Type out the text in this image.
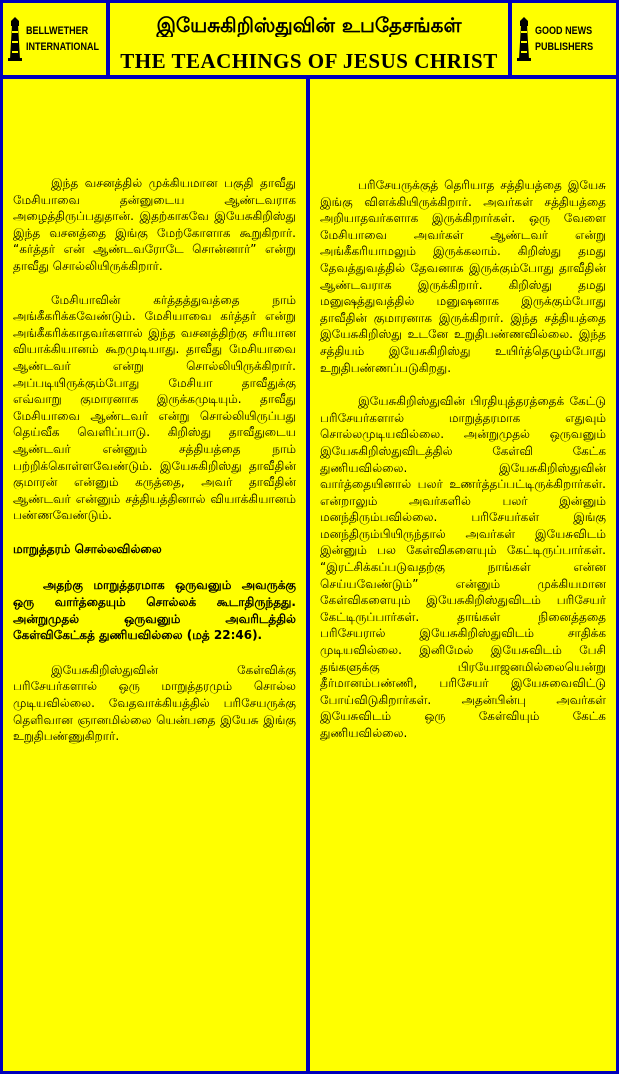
BELLWETHER
INTERNATIONAL
இயேசுகிறிஸ்துவின் உபதேசங்கள்
THE TEACHINGS OF JESUS CHRIST
GOOD NEWS
PUBLISHERS

இந்த வசனத்தில் முக்கியமான பகுதி தாவீது மேசியாவை தன்னுடைய ஆண்டவராக அழைத்திருப்பதுதான். இதற்காகவே இயேசுகிறிஸ்து இந்த வசனத்தை இங்கு மேற்கோளாக கூறுகிறார். “கர்த்தர் என் ஆண்டவரோடே சொன்னார்” என்று தாவீது சொல்லியிருக்கிறார்.

மேசியாவின் கர்த்தத்துவத்தை நாம் அங்கீகரிக்கவேண்டும். மேசியாவை கர்த்தர் என்று அங்கீகரிக்காதவர்களால் இந்த வசனத்திற்கு சரியான வியாக்கியானம் கூறமுடியாது. தாவீது மேசியாவை ஆண்டவர் என்று சொல்லியிருக்கிறார். அப்படியிருக்கும்போது மேசியா தாவீதுக்கு எவ்வாறு குமாரனாக இருக்கமுடியும். தாவீது மேசியாவை ஆண்டவர் என்று சொல்லியிருப்பது தெய்வீக வெளிப்பாடு. கிறிஸ்து தாவீதுடைய ஆண்டவர் என்னும் சத்தியத்தை நாம் பற்றிக்கொள்ளவேண்டும். இயேசுகிறிஸ்து தாவீதின் குமாரன் என்னும் கருத்தை, அவர் தாவீதின் ஆண்டவர் என்னும் சத்தியத்தினால் வியாக்கியானம் பண்ணவேண்டும்.

மாறுத்தரம் சொல்லவில்லை

அதற்கு மாறுத்தரமாக ஒருவனும் அவருக்கு ஒரு வார்த்தையும் சொல்லக் கூடாதிருந்தது. அன்றுமுதல் ஒருவனும் அவரிடத்தில் கேள்விகேட்கத் துணியவில்லை (மத் 22:46).

இயேசுகிறிஸ்துவின் கேள்விக்கு பரிசேயர்களால் ஒரு மாறுத்தரமும் சொல்ல முடியவில்லை. வேதவாக்கியத்தில் பரிசேயருக்கு தெளிவான ஞானமில்லை யென்பதை இயேசு இங்கு உறுதிபண்ணுகிறார்.

பரிசேயருக்குத் தெரியாத சத்தியத்தை இயேசு இங்கு விளக்கியிருக்கிறார். அவர்கள் சத்தியத்தை அறியாதவர்களாக இருக்கிறார்கள். ஒரு வேளை மேசியாவை அவர்கள் ஆண்டவர் என்று அங்கீகரியாமலும் இருக்கலாம். கிறிஸ்து தமது தேவத்துவத்தில் தேவனாக இருக்கும்போது தாவீதின் ஆண்டவராக இருக்கிறார். கிறிஸ்து தமது மனுஷத்துவத்தில் மனுஷனாக இருக்கும்போது தாவீதின் குமாரனாக இருக்கிறார். இந்த சத்தியத்தை இயேசுகிறிஸ்து உடனே உறுதிபண்ணவில்லை. இந்த சத்தியம் இயேசுகிறிஸ்து உயிர்த்தெழும்போது உறுதிபண்ணப்படுகிறது.

இயேசுகிறிஸ்துவின் பிரதியுத்தரத்தைக் கேட்டு பரிசேயர்களால் மாறுத்தரமாக எதுவும் சொல்லமுடியவில்லை. அன்றுமுதல் ஒருவனும் இயேசுகிறிஸ்துவிடத்தில் கேள்வி கேட்க துணியவில்லை. இயேசுகிறிஸ்துவின் வார்த்தையினால் பலர் உணர்த்தப்பட்டிருக்கிறார்கள். என்றாலும் அவர்களில் பலர் இன்னும் மனந்திரும்பவில்லை. பரிசேயர்கள் இங்கு மனந்திரும்பியிருந்தால் அவர்கள் இயேசுவிடம் இன்னும் பல கேள்விகளையும் கேட்டிருப்பார்கள். “இரட்சிக்கப்படுவதற்கு நாங்கள் என்ன செய்யவேண்டும்” என்னும் முக்கியமான கேள்விகளையும் இயேசுகிறிஸ்துவிடம் பரிசேயர் கேட்டிருப்பார்கள். தாங்கள் நினைத்ததை பரிசேயரால் இயேசுகிறிஸ்துவிடம் சாதிக்க முடியவில்லை. இனிமேல் இயேசுவிடம் பேசி தங்களுக்கு பிரயோஜனமில்லையென்று தீர்மானம்பண்ணி, பரிசேயர் இயேசுவைவிட்டு போய்விடுகிறார்கள். அதன்பின்பு அவர்கள் இயேசுவிடம் ஒரு கேள்வியும் கேட்க துணியவில்லை.
